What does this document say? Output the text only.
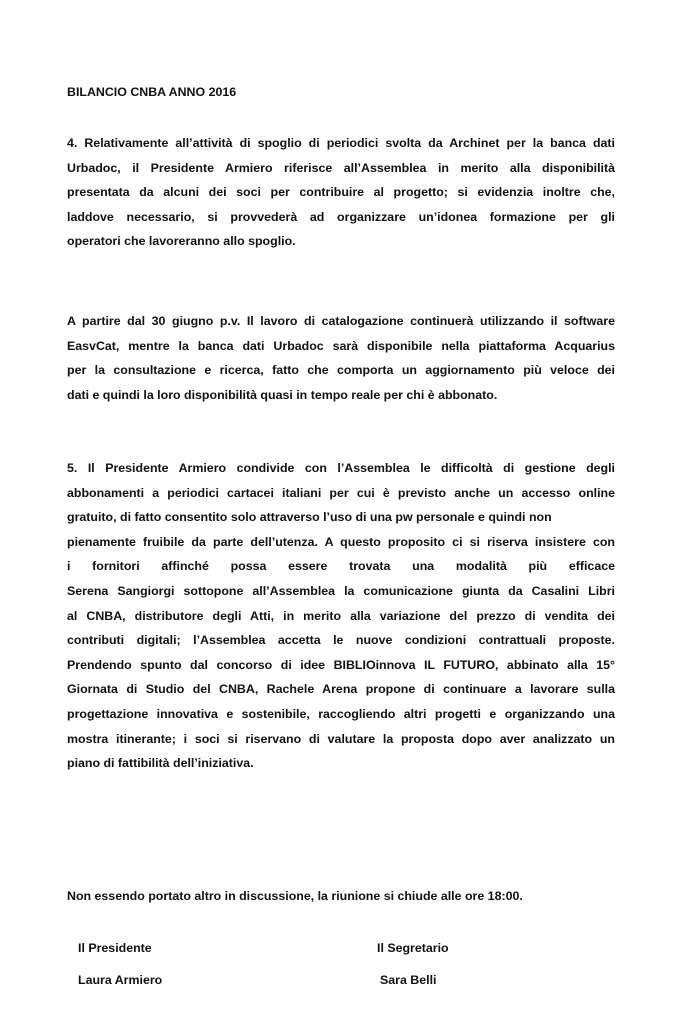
BILANCIO CNBA ANNO 2016
4. Relativamente all’attività di spoglio di periodici svolta da Archinet per la banca dati
Urbadoc, il Presidente Armiero riferisce all’Assemblea in merito alla disponibilità
presentata da alcuni dei soci per contribuire al progetto; si evidenzia inoltre che,
laddove necessario, si provvederà ad organizzare un’idonea formazione per gli
operatori che lavoreranno allo spoglio.
A partire dal 30 giugno p.v. Il lavoro di catalogazione continuerà utilizzando il software
EasvCat, mentre la banca dati Urbadoc sarà disponibile nella piattaforma Acquarius
per la consultazione e ricerca, fatto che comporta un aggiornamento più veloce dei
dati e quindi la loro disponibilità quasi in tempo reale per chi è abbonato.
5. Il Presidente Armiero condivide con l’Assemblea le difficoltà di gestione degli
abbonamenti a periodici cartacei italiani per cui è previsto anche un accesso online
gratuito, di fatto consentito solo attraverso l’uso di una pw personale e quindi non
pienamente fruibile da parte dell’utenza. A questo proposito ci si riserva insistere con
i fornitori affinché possa essere trovata una modalità più efficace
Serena Sangiorgi sottopone all’Assemblea la comunicazione giunta da Casalini Libri
al CNBA, distributore degli Atti, in merito alla variazione del prezzo di vendita dei
contributi digitali; l’Assemblea accetta le nuove condizioni contrattuali proposte.
Prendendo spunto dal concorso di idee BIBLIOinnova IL FUTURO, abbinato alla 15°
Giornata di Studio del CNBA, Rachele Arena propone di continuare a lavorare sulla
progettazione innovativa e sostenibile, raccogliendo altri progetti e organizzando una
mostra itinerante; i soci si riservano di valutare la proposta dopo aver analizzato un
piano di fattibilità dell’iniziativa.
Non essendo portato altro in discussione, la riunione si chiude alle ore 18:00.
Il Presidente
Laura Armiero
Il Segretario
Sara Belli
